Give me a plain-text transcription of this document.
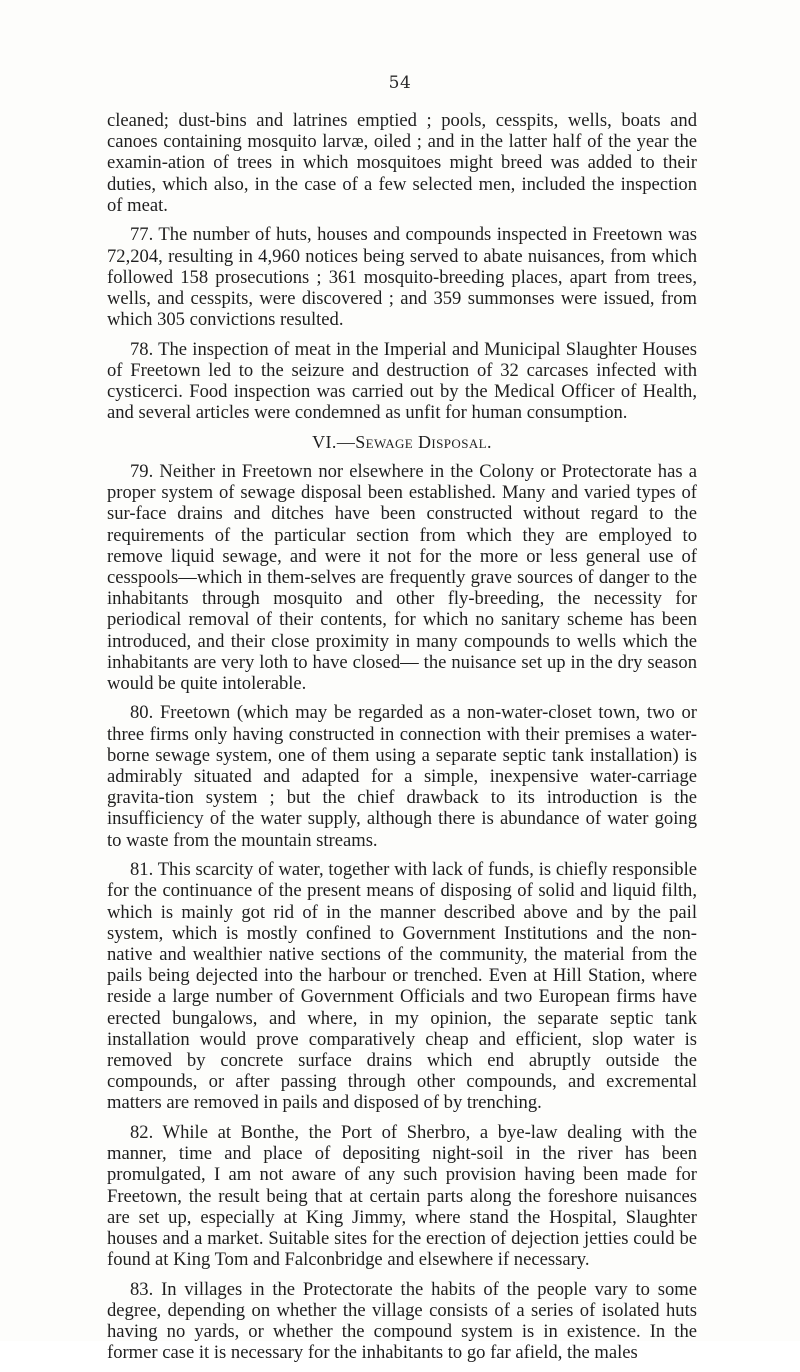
54

cleaned; dust-bins and latrines emptied ; pools, cesspits, wells, boats and canoes containing mosquito larvæ, oiled ; and in the latter half of the year the examin-ation of trees in which mosquitoes might breed was added to their duties, which also, in the case of a few selected men, included the inspection of meat.

77. The number of huts, houses and compounds inspected in Freetown was 72,204, resulting in 4,960 notices being served to abate nuisances, from which followed 158 prosecutions ; 361 mosquito-breeding places, apart from trees, wells, and cesspits, were discovered ; and 359 summonses were issued, from which 305 convictions resulted.

78. The inspection of meat in the Imperial and Municipal Slaughter Houses of Freetown led to the seizure and destruction of 32 carcases infected with cysticerci. Food inspection was carried out by the Medical Officer of Health, and several articles were condemned as unfit for human consumption.

VI.—Sewage Disposal.

79. Neither in Freetown nor elsewhere in the Colony or Protectorate has a proper system of sewage disposal been established. Many and varied types of sur-face drains and ditches have been constructed without regard to the requirements of the particular section from which they are employed to remove liquid sewage, and were it not for the more or less general use of cesspools—which in them-selves are frequently grave sources of danger to the inhabitants through mosquito and other fly-breeding, the necessity for periodical removal of their contents, for which no sanitary scheme has been introduced, and their close proximity in many compounds to wells which the inhabitants are very loth to have closed— the nuisance set up in the dry season would be quite intolerable.

80. Freetown (which may be regarded as a non-water-closet town, two or three firms only having constructed in connection with their premises a water-borne sewage system, one of them using a separate septic tank installation) is admirably situated and adapted for a simple, inexpensive water-carriage gravita-tion system ; but the chief drawback to its introduction is the insufficiency of the water supply, although there is abundance of water going to waste from the mountain streams.

81. This scarcity of water, together with lack of funds, is chiefly responsible for the continuance of the present means of disposing of solid and liquid filth, which is mainly got rid of in the manner described above and by the pail system, which is mostly confined to Government Institutions and the non-native and wealthier native sections of the community, the material from the pails being dejected into the harbour or trenched. Even at Hill Station, where reside a large number of Government Officials and two European firms have erected bungalows, and where, in my opinion, the separate septic tank installation would prove comparatively cheap and efficient, slop water is removed by concrete surface drains which end abruptly outside the compounds, or after passing through other compounds, and excremental matters are removed in pails and disposed of by trenching.

82. While at Bonthe, the Port of Sherbro, a bye-law dealing with the manner, time and place of depositing night-soil in the river has been promulgated, I am not aware of any such provision having been made for Freetown, the result being that at certain parts along the foreshore nuisances are set up, especially at King Jimmy, where stand the Hospital, Slaughter houses and a market. Suitable sites for the erection of dejection jetties could be found at King Tom and Falconbridge and elsewhere if necessary.

83. In villages in the Protectorate the habits of the people vary to some degree, depending on whether the village consists of a series of isolated huts having no yards, or whether the compound system is in existence. In the former case it is necessary for the inhabitants to go far afield, the males
